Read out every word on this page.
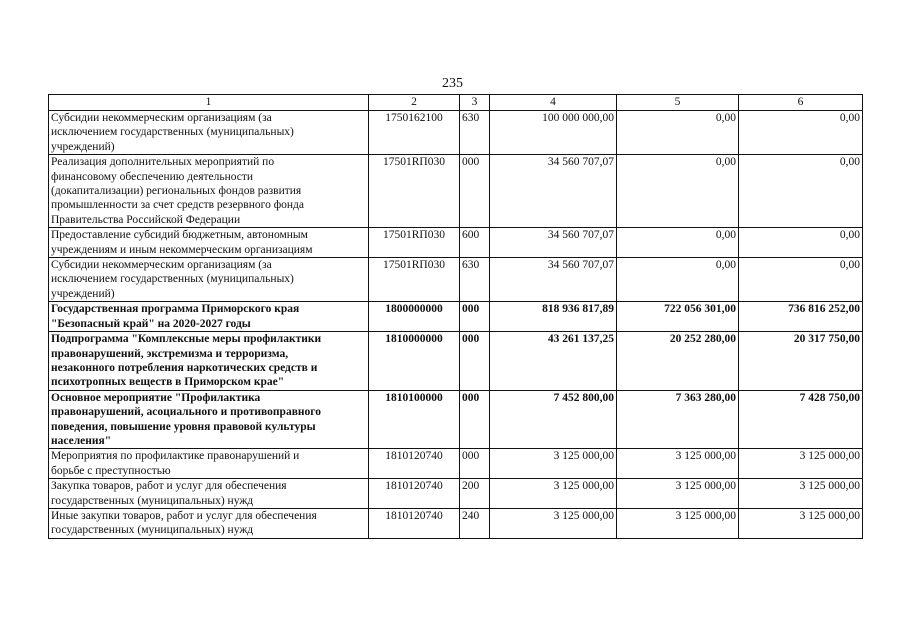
235
1	2	3	4	5	6

Субсидии некоммерческим организациям (за
исключением государственных (муниципальных)
учреждений)	1750162100	630	100 000 000,00	0,00	0,00

Реализация дополнительных мероприятий по
финансовому обеспечению деятельности
(докапитализации) региональных фондов развития
промышленности за счет средств резервного фонда
Правительства Российской Федерации	17501RП030	000	34 560 707,07	0,00	0,00

Предоставление субсидий бюджетным, автономным
учреждениям и иным некоммерческим организациям	17501RП030	600	34 560 707,07	0,00	0,00

Субсидии некоммерческим организациям (за
исключением государственных (муниципальных)
учреждений)	17501RП030	630	34 560 707,07	0,00	0,00

Государственная программа Приморского края
"Безопасный край" на 2020-2027 годы	1800000000	000	818 936 817,89	722 056 301,00	736 816 252,00

Подпрограмма "Комплексные меры профилактики
правонарушений, экстремизма и терроризма,
незаконного потребления наркотических средств и
психотропных веществ в Приморском крае"	1810000000	000	43 261 137,25	20 252 280,00	20 317 750,00

Основное мероприятие "Профилактика
правонарушений, асоциального и противоправного
поведения, повышение уровня правовой культуры
населения"	1810100000	000	7 452 800,00	7 363 280,00	7 428 750,00

Мероприятия по профилактике правонарушений и
борьбе с преступностью	1810120740	000	3 125 000,00	3 125 000,00	3 125 000,00

Закупка товаров, работ и услуг для обеспечения
государственных (муниципальных) нужд	1810120740	200	3 125 000,00	3 125 000,00	3 125 000,00

Иные закупки товаров, работ и услуг для обеспечения
государственных (муниципальных) нужд	1810120740	240	3 125 000,00	3 125 000,00	3 125 000,00
